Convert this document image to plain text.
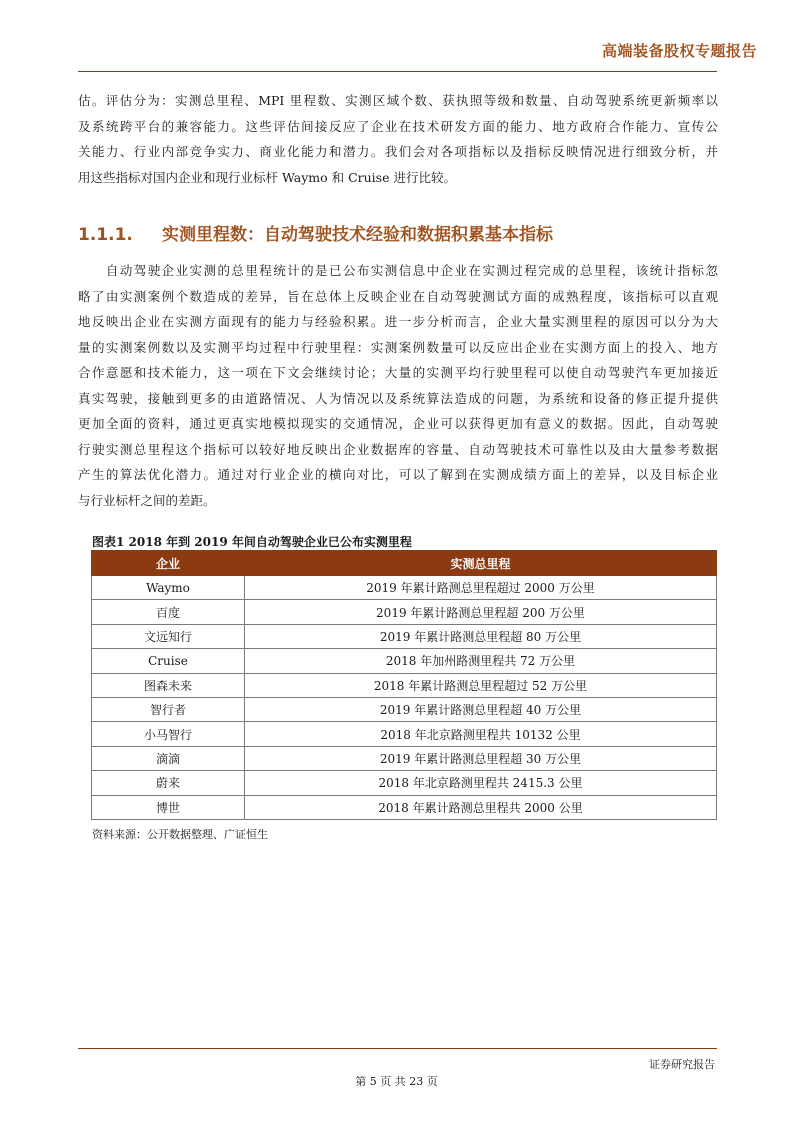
高端装备股权专题报告

估。评估分为：实测总里程、MPI 里程数、实测区域个数、获执照等级和数量、自动驾驶系统更新频率以
及系统跨平台的兼容能力。这些评估间接反应了企业在技术研发方面的能力、地方政府合作能力、宣传公
关能力、行业内部竞争实力、商业化能力和潜力。我们会对各项指标以及指标反映情况进行细致分析，并
用这些指标对国内企业和现行业标杆 Waymo 和 Cruise 进行比较。

1.1.1. 实测里程数：自动驾驶技术经验和数据积累基本指标

　　自动驾驶企业实测的总里程统计的是已公布实测信息中企业在实测过程完成的总里程，该统计指标忽
略了由实测案例个数造成的差异，旨在总体上反映企业在自动驾驶测试方面的成熟程度，该指标可以直观
地反映出企业在实测方面现有的能力与经验积累。进一步分析而言，企业大量实测里程的原因可以分为大
量的实测案例数以及实测平均过程中行驶里程：实测案例数量可以反应出企业在实测方面上的投入、地方
合作意愿和技术能力，这一项在下文会继续讨论；大量的实测平均行驶里程可以使自动驾驶汽车更加接近
真实驾驶，接触到更多的由道路情况、人为情况以及系统算法造成的问题，为系统和设备的修正提升提供
更加全面的资料，通过更真实地模拟现实的交通情况，企业可以获得更加有意义的数据。因此，自动驾驶
行驶实测总里程这个指标可以较好地反映出企业数据库的容量、自动驾驶技术可靠性以及由大量参考数据
产生的算法优化潜力。通过对行业企业的横向对比，可以了解到在实测成绩方面上的差异，以及目标企业
与行业标杆之间的差距。

图表1 2018 年到 2019 年间自动驾驶企业已公布实测里程

企业	实测总里程
Waymo	2019 年累计路测总里程超过 2000 万公里
百度	2019 年累计路测总里程超 200 万公里
文远知行	2019 年累计路测总里程超 80 万公里
Cruise	2018 年加州路测里程共 72 万公里
图森未来	2018 年累计路测总里程超过 52 万公里
智行者	2019 年累计路测总里程超 40 万公里
小马智行	2018 年北京路测里程共 10132 公里
滴滴	2019 年累计路测总里程超 30 万公里
蔚来	2018 年北京路测里程共 2415.3 公里
博世	2018 年累计路测总里程共 2000 公里

资料来源：公开数据整理、广证恒生

证券研究报告

第 5 页 共 23 页
